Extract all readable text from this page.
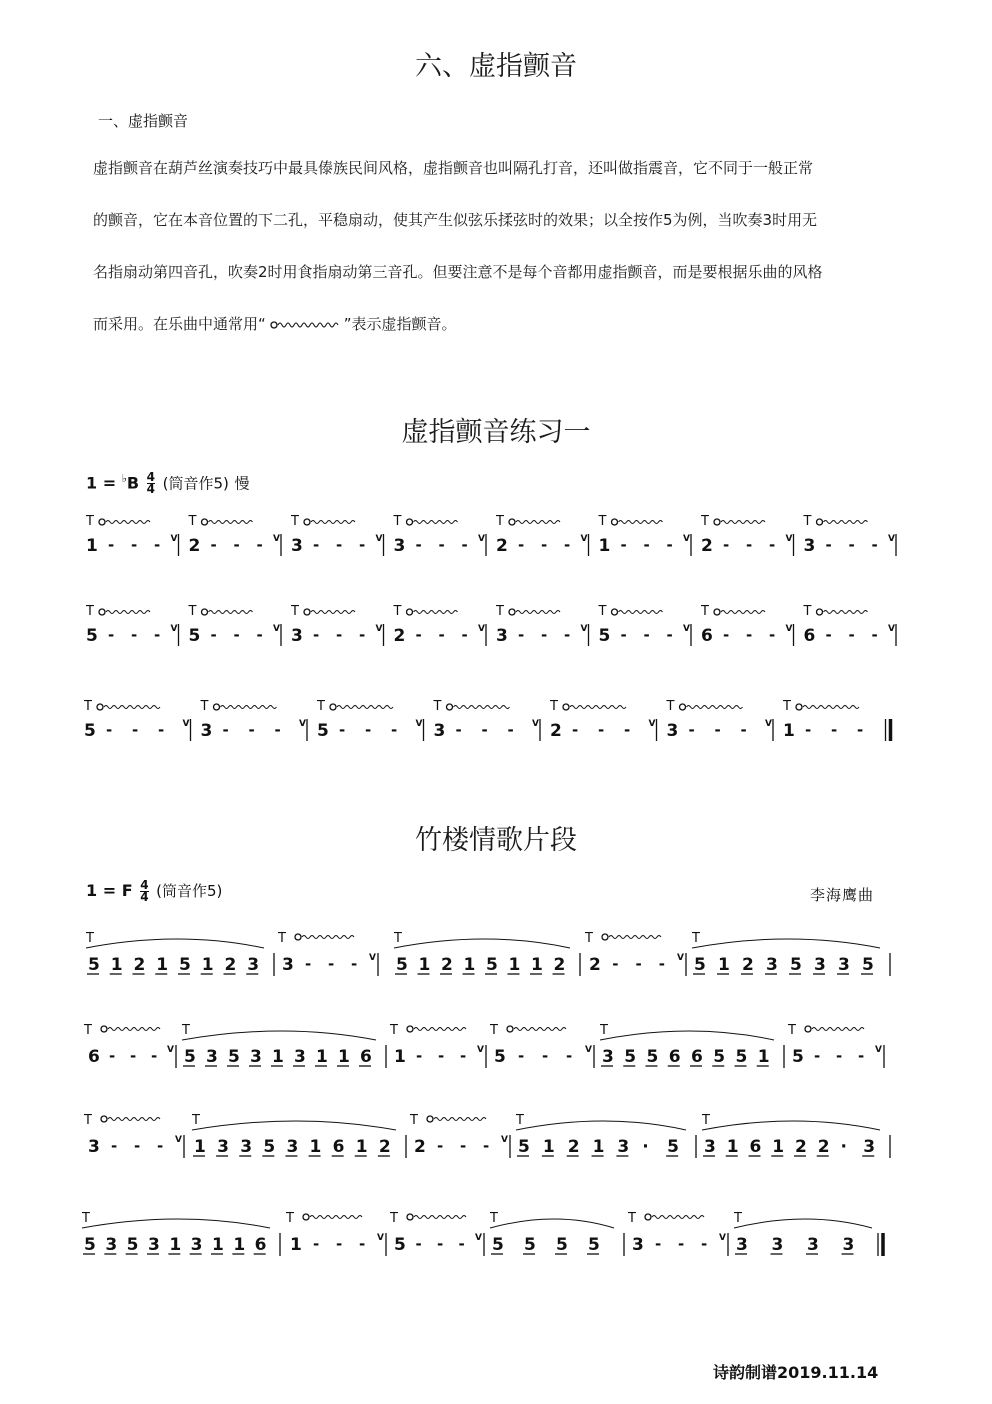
六、虚指颤音
一、虚指颤音
虚指颤音在葫芦丝演奏技巧中最具傣族民间风格，虚指颤音也叫隔孔打音，还叫做指震音，它不同于一般正常
的颤音，它在本音位置的下二孔，平稳扇动，使其产生似弦乐揉弦时的效果；以全按作5为例，当吹奏3时用无
名指扇动第四音孔，吹奏2时用食指扇动第三音孔。但要注意不是每个音都用虚指颤音，而是要根据乐曲的风格
而采用。在乐曲中通常用“	”表示虚指颤音。
虚指颤音练习一
$1 = ^♭B \frac{4}{4}$ (筒音作5) 慢
竹楼情歌片段
1 = F $\frac{4}{4}$ (筒音作5)	李海鹰曲
诗韵制谱2019.11.14
T
1 - - - V
T
2 - - - V
T
3 - - - V
T
3 - - - V
T
2 - - - V
T
1 - - - V
T
2 - - - V
T
3 - - - V
T
5 - - - V
T
5 - - - V
T
3 - - - V
T
2 - - - V
T
3 - - - V
T
5 - - - V
T
6 - - - V
T
6 - - - V
T
5 - - - V
T
3 - - - V
T
5 - - - V
T
3 - - - V
T
2 - - - V
T
3 - - - V
T
1 - - -
T
5 1 2 1 5 1 2 3
T
3 - - - V
T
5 1 2 1 5 1 1 2
T
2 - - - V
T
5 1 2 3 5 3 3 5
T
6 - - - V
T
5 3 5 3 1 3 1 1 6
T
1 - - - V
T
5 - - - V
T
3 5 5 6 6 5 5 1
T
5 - - - V
T
3 - - - V
T
1 3 3 5 3 1 6 1 2
T
2 - - - V
T
5 1 2 1 3 · 5
T
3 1 6 1 2 2 · 3
T
5 3 5 3 1 3 1 1 6
T
1 - - - V
T
5 - - - V
T
5 5 5 5
T
3 - - - V
T
3 3 3 3
